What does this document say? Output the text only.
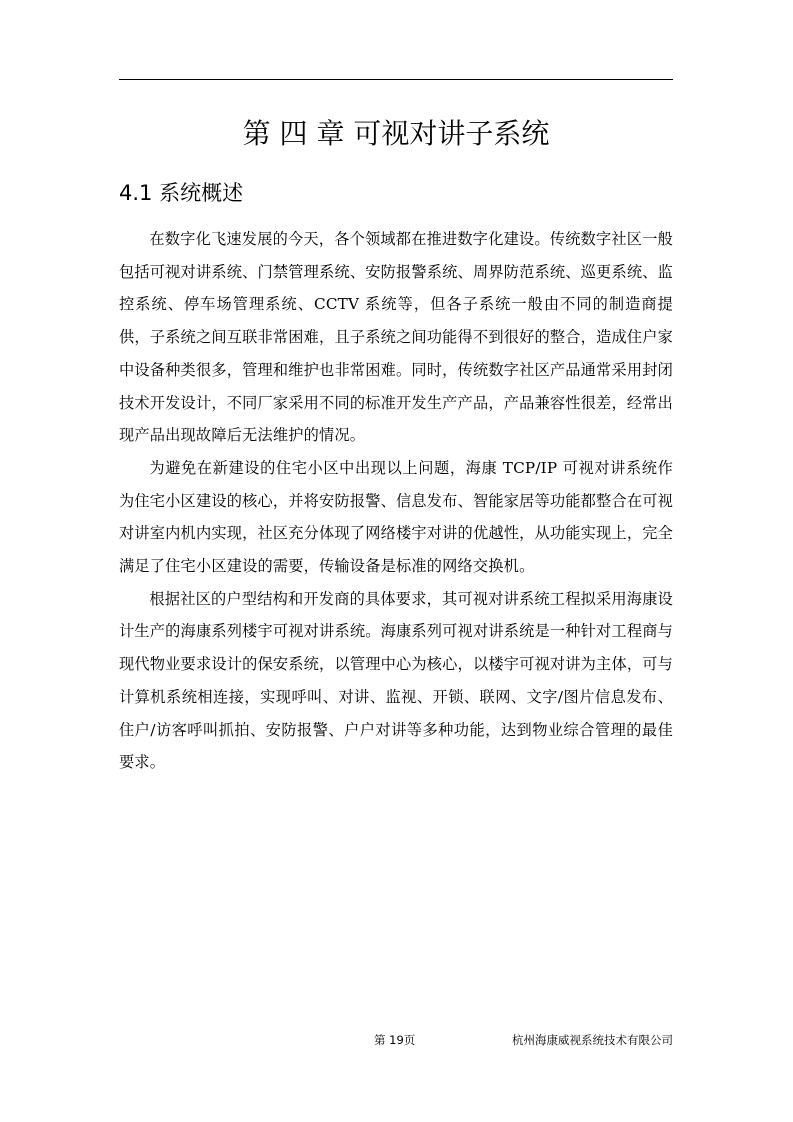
第 四 章 可视对讲子系统
4.1 系统概述

在数字化飞速发展的今天，各个领域都在推进数字化建设。传统数字社区一般包括可视对讲系统、门禁管理系统、安防报警系统、周界防范系统、巡更系统、监控系统、停车场管理系统、CCTV 系统等，但各子系统一般由不同的制造商提供，子系统之间互联非常困难，且子系统之间功能得不到很好的整合，造成住户家中设备种类很多，管理和维护也非常困难。同时，传统数字社区产品通常采用封闭技术开发设计，不同厂家采用不同的标准开发生产产品，产品兼容性很差，经常出现产品出现故障后无法维护的情况。

为避免在新建设的住宅小区中出现以上问题，海康 TCP/IP 可视对讲系统作为住宅小区建设的核心，并将安防报警、信息发布、智能家居等功能都整合在可视对讲室内机内实现，社区充分体现了网络楼宇对讲的优越性，从功能实现上，完全满足了住宅小区建设的需要，传输设备是标准的网络交换机。

根据社区的户型结构和开发商的具体要求，其可视对讲系统工程拟采用海康设计生产的海康系列楼宇可视对讲系统。海康系列可视对讲系统是一种针对工程商与现代物业要求设计的保安系统，以管理中心为核心，以楼宇可视对讲为主体，可与计算机系统相连接，实现呼叫、对讲、监视、开锁、联网、文字/图片信息发布、住户/访客呼叫抓拍、安防报警、户户对讲等多种功能，达到物业综合管理的最佳要求。

第 19页	杭州海康威视系统技术有限公司
